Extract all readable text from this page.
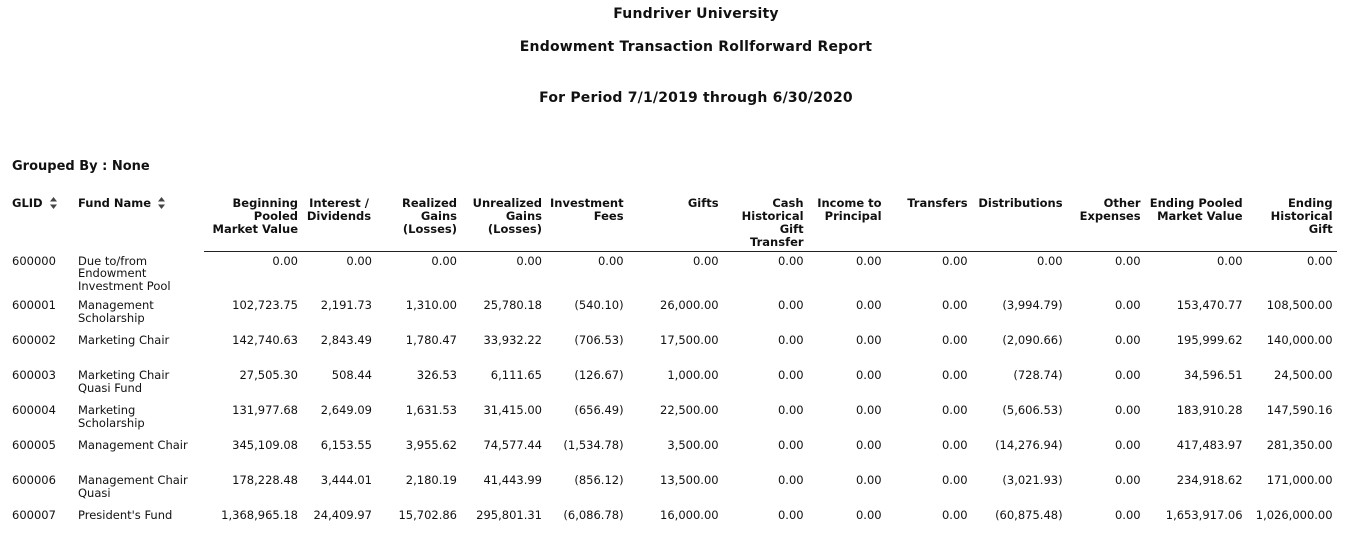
Fundriver University
Endowment Transaction Rollforward Report
For Period 7/1/2019 through 6/30/2020
Grouped By : None
GLID	Fund Name	Beginning Pooled Market Value	Interest / Dividends	Realized Gains (Losses)	Unrealized Gains (Losses)	Investment Fees	Gifts	Cash Historical Gift Transfer	Income to Principal	Transfers	Distributions	Other Expenses	Ending Pooled Market Value	Ending Historical Gift
600000	Due to/from Endowment Investment Pool	0.00	0.00	0.00	0.00	0.00	0.00	0.00	0.00	0.00	0.00	0.00	0.00	0.00
600001	Management Scholarship	102,723.75	2,191.73	1,310.00	25,780.18	(540.10)	26,000.00	0.00	0.00	0.00	(3,994.79)	0.00	153,470.77	108,500.00
600002	Marketing Chair	142,740.63	2,843.49	1,780.47	33,932.22	(706.53)	17,500.00	0.00	0.00	0.00	(2,090.66)	0.00	195,999.62	140,000.00
600003	Marketing Chair Quasi Fund	27,505.30	508.44	326.53	6,111.65	(126.67)	1,000.00	0.00	0.00	0.00	(728.74)	0.00	34,596.51	24,500.00
600004	Marketing Scholarship	131,977.68	2,649.09	1,631.53	31,415.00	(656.49)	22,500.00	0.00	0.00	0.00	(5,606.53)	0.00	183,910.28	147,590.16
600005	Management Chair	345,109.08	6,153.55	3,955.62	74,577.44	(1,534.78)	3,500.00	0.00	0.00	0.00	(14,276.94)	0.00	417,483.97	281,350.00
600006	Management Chair Quasi	178,228.48	3,444.01	2,180.19	41,443.99	(856.12)	13,500.00	0.00	0.00	0.00	(3,021.93)	0.00	234,918.62	171,000.00
600007	President's Fund	1,368,965.18	24,409.97	15,702.86	295,801.31	(6,086.78)	16,000.00	0.00	0.00	0.00	(60,875.48)	0.00	1,653,917.06	1,026,000.00
